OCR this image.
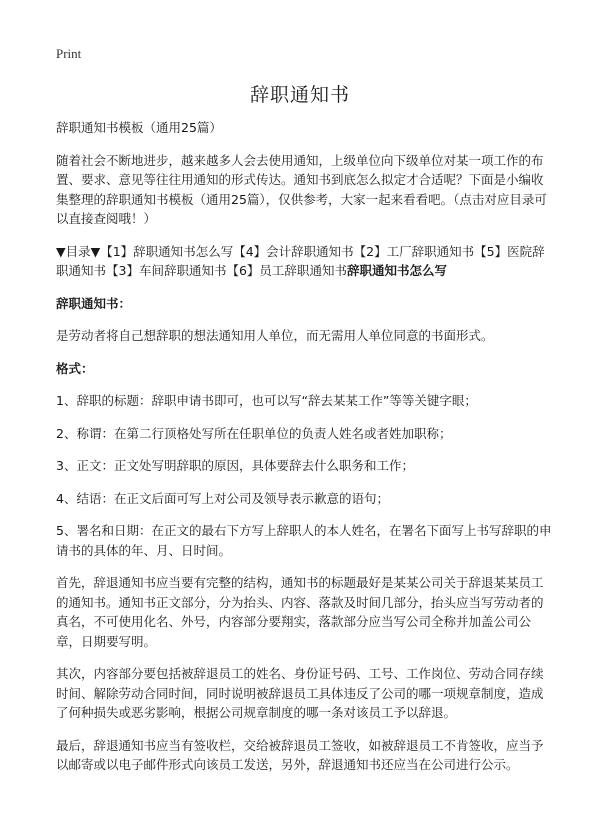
Print
辞职通知书

辞职通知书模板（通用25篇）

随着社会不断地进步，越来越多人会去使用通知，上级单位向下级单位对某一项工作的布置、要求、意见等往往用通知的形式传达。通知书到底怎么拟定才合适呢？下面是小编收集整理的辞职通知书模板（通用25篇），仅供参考，大家一起来看看吧。（点击对应目录可以直接查阅哦！）

▼目录▼【1】辞职通知书怎么写【4】会计辞职通知书【2】工厂辞职通知书【5】医院辞职通知书【3】车间辞职通知书【6】员工辞职通知书辞职通知书怎么写

辞职通知书：

是劳动者将自己想辞职的想法通知用人单位，而无需用人单位同意的书面形式。

格式：

1、辞职的标题：辞职申请书即可，也可以写“辞去某某工作”等等关键字眼；

2、称谓：在第二行顶格处写所在任职单位的负责人姓名或者姓加职称；

3、正文：正文处写明辞职的原因，具体要辞去什么职务和工作；

4、结语：在正文后面可写上对公司及领导表示歉意的语句；

5、署名和日期：在正文的最右下方写上辞职人的本人姓名，在署名下面写上书写辞职的申请书的具体的年、月、日时间。

首先，辞退通知书应当要有完整的结构，通知书的标题最好是某某公司关于辞退某某员工的通知书。通知书正文部分，分为抬头、内容、落款及时间几部分，抬头应当写劳动者的真名，不可使用化名、外号，内容部分要翔实，落款部分应当写公司全称并加盖公司公章，日期要写明。

其次，内容部分要包括被辞退员工的姓名、身份证号码、工号、工作岗位、劳动合同存续时间、解除劳动合同时间，同时说明被辞退员工具体违反了公司的哪一项规章制度，造成了何种损失或恶劣影响，根据公司规章制度的哪一条对该员工予以辞退。

最后，辞退通知书应当有签收栏，交给被辞退员工签收，如被辞退员工不肯签收，应当予以邮寄或以电子邮件形式向该员工发送，另外，辞退通知书还应当在公司进行公示。
